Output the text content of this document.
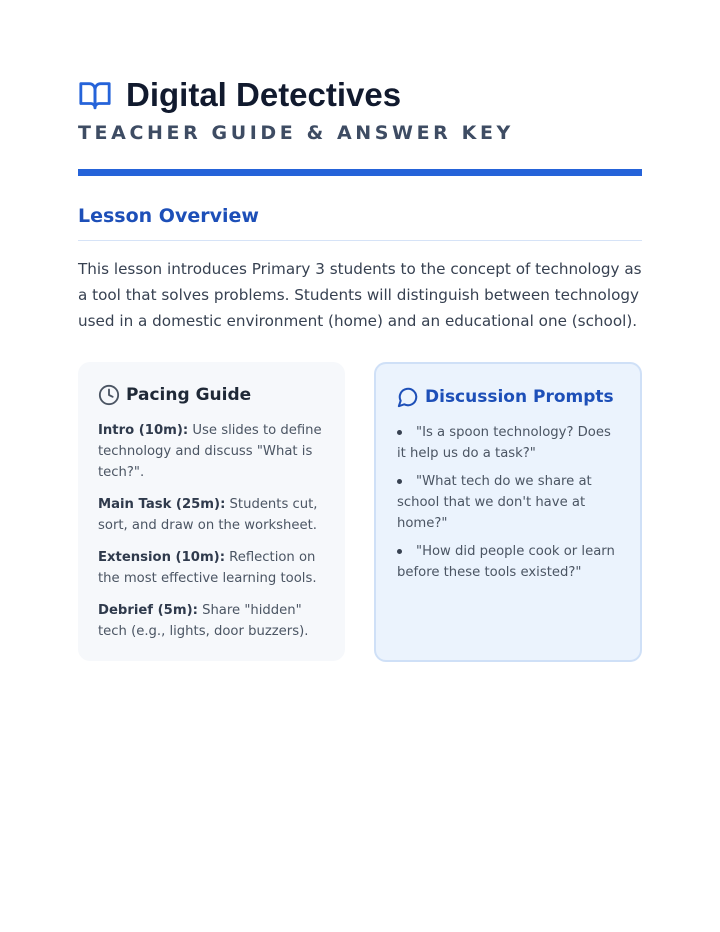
Digital Detectives
TEACHER GUIDE & ANSWER KEY
Lesson Overview

This lesson introduces Primary 3 students to the concept of technology as a tool that solves problems. Students will distinguish between technology used in a domestic environment (home) and an educational one (school).

Pacing Guide

Intro (10m): Use slides to define technology and discuss "What is tech?".

Main Task (25m): Students cut, sort, and draw on the worksheet.

Extension (10m): Reflection on the most effective learning tools.

Debrief (5m): Share "hidden" tech (e.g., lights, door buzzers).

Discussion Prompts
"Is a spoon technology? Does it help us do a task?"
"What tech do we share at school that we don't have at home?"
"How did people cook or learn before these tools existed?"
